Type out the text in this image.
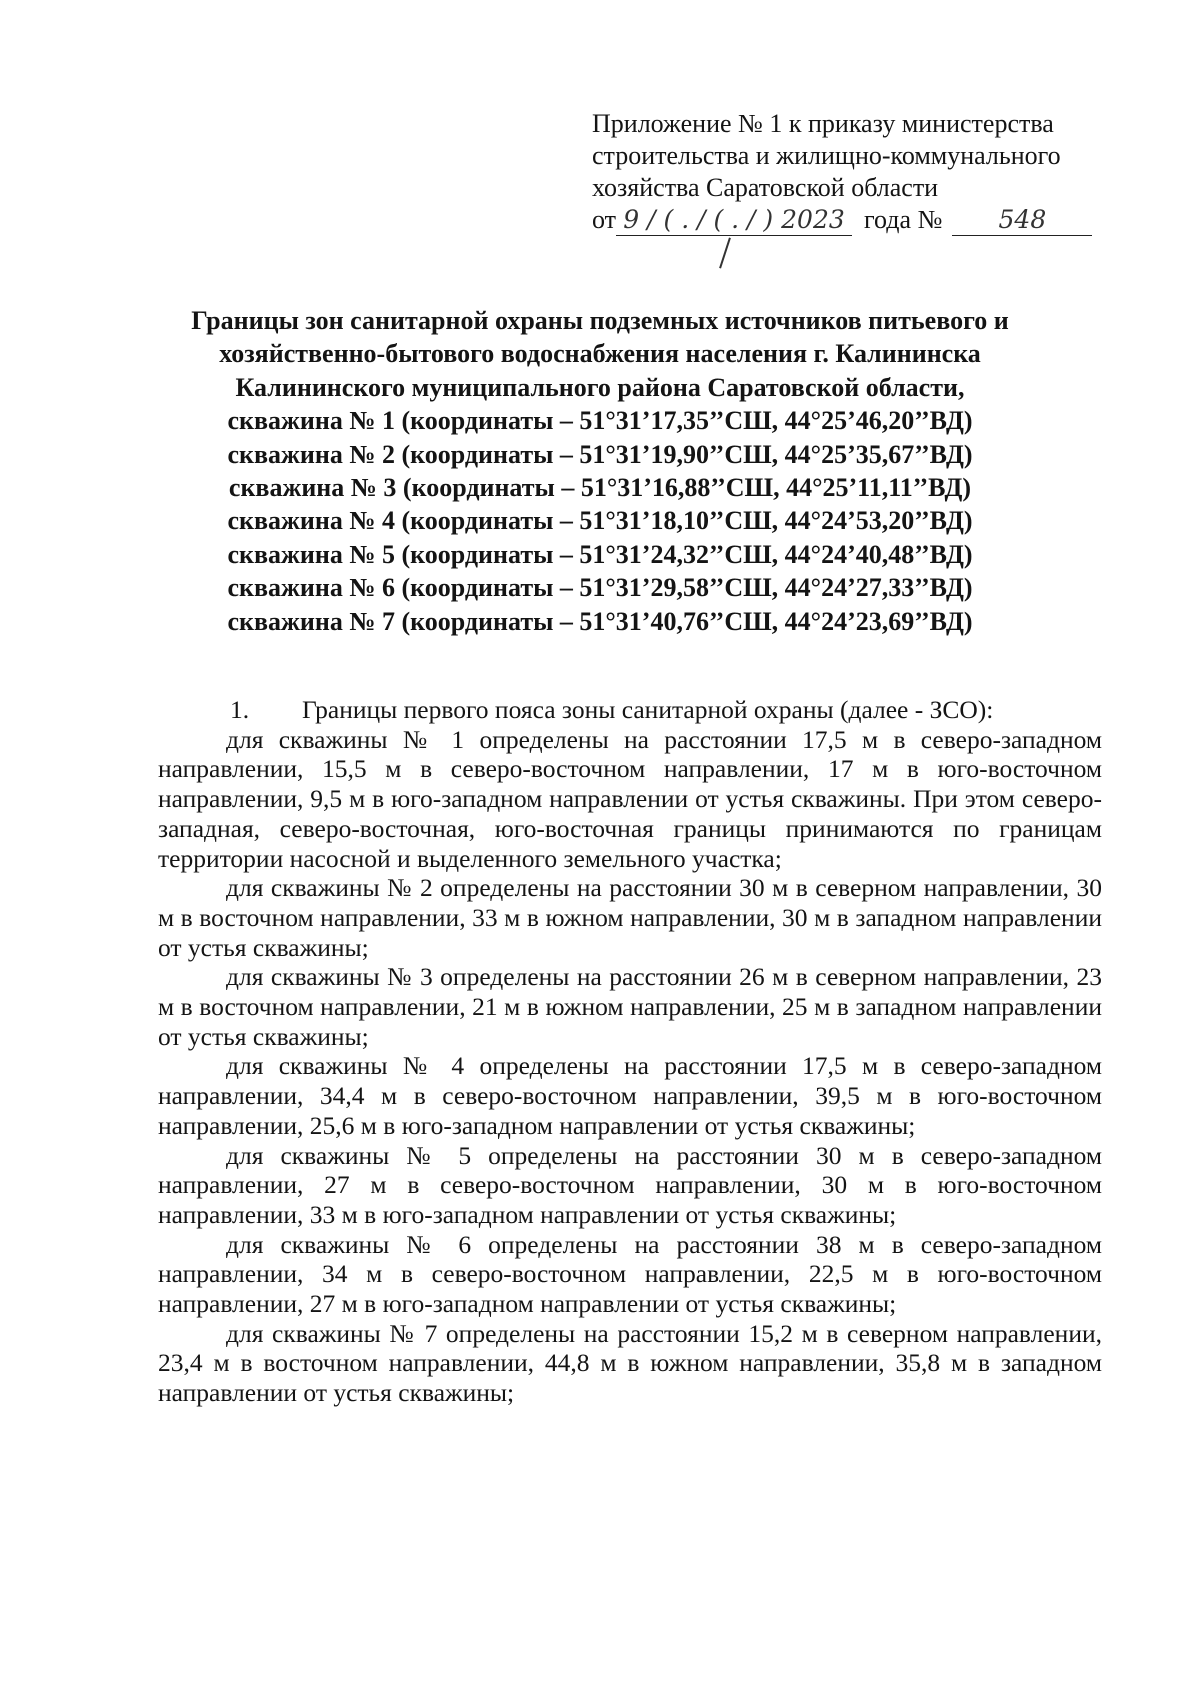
Приложение № 1 к приказу министерства
строительства и жилищно-коммунального
хозяйства Саратовской области
от 9 / ( . / ( . / ) 2023 года №	548
Границы зон санитарной охраны подземных источников питьевого и
хозяйственно-бытового водоснабжения населения г. Калининска
Калининского муниципального района Саратовской области,
скважина № 1 (координаты – 51°31’17,35’’СШ, 44°25’46,20’’ВД)
скважина № 2 (координаты – 51°31’19,90’’СШ, 44°25’35,67’’ВД)
скважина № 3 (координаты – 51°31’16,88’’СШ, 44°25’11,11’’ВД)
скважина № 4 (координаты – 51°31’18,10’’СШ, 44°24’53,20’’ВД)
скважина № 5 (координаты – 51°31’24,32’’СШ, 44°24’40,48’’ВД)
скважина № 6 (координаты – 51°31’29,58’’СШ, 44°24’27,33’’ВД)
скважина № 7 (координаты – 51°31’40,76’’СШ, 44°24’23,69’’ВД)
1. Границы первого пояса зоны санитарной охраны (далее - ЗСО):

для скважины № 1 определены на расстоянии 17,5 м в северо-западном направлении, 15,5 м в северо-восточном направлении, 17 м в юго-восточном направлении, 9,5 м в юго-западном направлении от устья скважины. При этом северо-западная, северо-восточная, юго-восточная границы принимаются по границам территории насосной и выделенного земельного участка;

для скважины № 2 определены на расстоянии 30 м в северном направлении, 30 м в восточном направлении, 33 м в южном направлении, 30 м в западном направлении от устья скважины;

для скважины № 3 определены на расстоянии 26 м в северном направлении, 23 м в восточном направлении, 21 м в южном направлении, 25 м в западном направлении от устья скважины;

для скважины № 4 определены на расстоянии 17,5 м в северо-западном направлении, 34,4 м в северо-восточном направлении, 39,5 м в юго-восточном направлении, 25,6 м в юго-западном направлении от устья скважины;

для скважины № 5 определены на расстоянии 30 м в северо-западном направлении, 27 м в северо-восточном направлении, 30 м в юго-восточном направлении, 33 м в юго-западном направлении от устья скважины;

для скважины № 6 определены на расстоянии 38 м в северо-западном направлении, 34 м в северо-восточном направлении, 22,5 м в юго-восточном направлении, 27 м в юго-западном направлении от устья скважины;

для скважины № 7 определены на расстоянии 15,2 м в северном направлении, 23,4 м в восточном направлении, 44,8 м в южном направлении, 35,8 м в западном направлении от устья скважины;
